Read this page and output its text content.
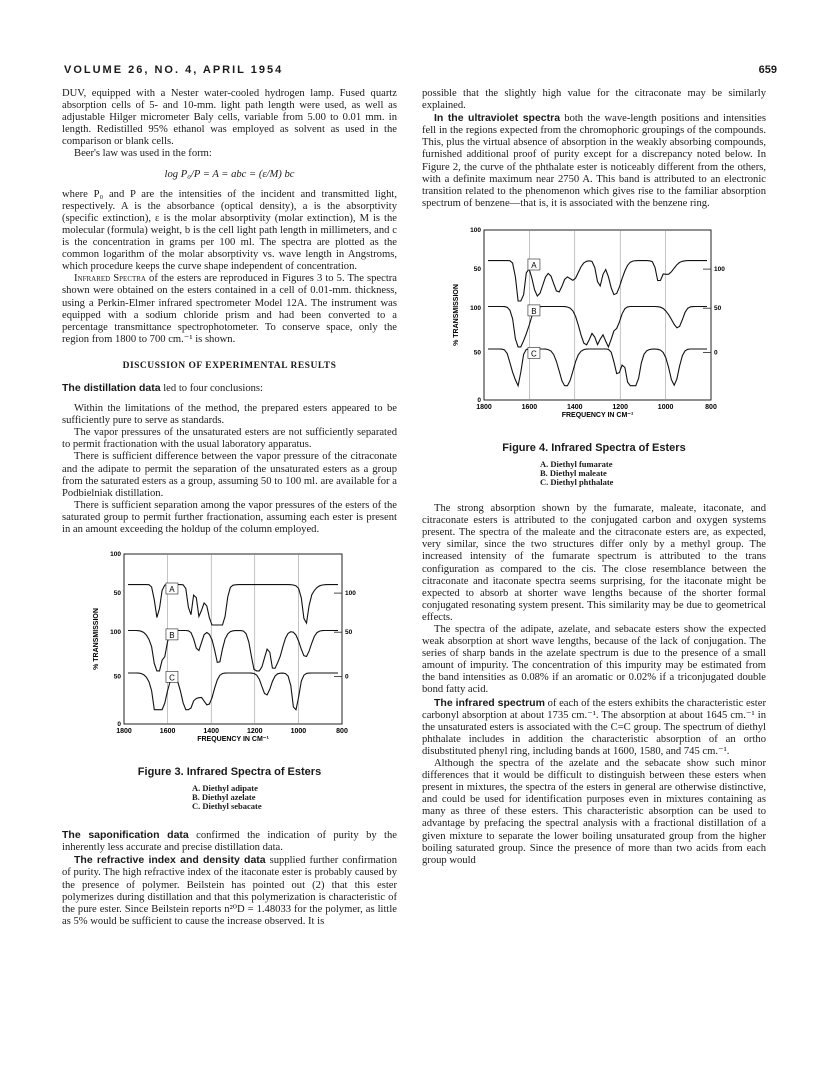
VOLUME 26, NO. 4, APRIL 1954	659

DUV, equipped with a Nester water-cooled hydrogen lamp. Fused quartz absorption cells of 5- and 10-mm. light path length were used, as well as adjustable Hilger micrometer Baly cells, variable from 5.00 to 0.01 mm. in length. Redistilled 95% ethanol was employed as solvent as used in the comparison or blank cells.

Beer's law was used in the form:

log P₀/P = A = abc = (ε/M) bc

where P₀ and P are the intensities of the incident and transmitted light, respectively. A is the absorbance (optical density), a is the absorptivity (specific extinction), ε is the molar absorptivity (molar extinction), M is the molecular (formula) weight, b is the cell light path length in millimeters, and c is the concentration in grams per 100 ml. The spectra are plotted as the common logarithm of the molar absorptivity vs. wave length in Angstroms, which procedure keeps the curve shape independent of concentration.

Infrared Spectra of the esters are reproduced in Figures 3 to 5. The spectra shown were obtained on the esters contained in a cell of 0.01-mm. thickness, using a Perkin-Elmer infrared spectrometer Model 12A. The instrument was equipped with a sodium chloride prism and had been converted to a percentage transmittance spectrophotometer. To conserve space, only the region from 1800 to 700 cm.⁻¹ is shown.

DISCUSSION OF EXPERIMENTAL RESULTS

The distillation data led to four conclusions:

Within the limitations of the method, the prepared esters appeared to be sufficiently pure to serve as standards.

The vapor pressures of the unsaturated esters are not sufficiently separated to permit fractionation with the usual laboratory apparatus.

There is sufficient difference between the vapor pressure of the citraconate and the adipate to permit the separation of the unsaturated esters as a group from the saturated esters as a group, assuming 50 to 100 ml. are available for a Podbielniak distillation.

There is sufficient separation among the vapor pressures of the esters of the saturated group to permit further fractionation, assuming each ester is present in an amount exceeding the holdup of the column employed.

1800	1600	1400	1200	1000	800
FREQUENCY IN CM⁻¹
% TRANSMISSION
100
50
100
50
0
100
50
0
A
B
C
Figure 3. Infrared Spectra of Esters
A. Diethyl adipate
B. Diethyl azelate
C. Diethyl sebacate

The saponification data confirmed the indication of purity by the inherently less accurate and precise distillation data.

The refractive index and density data supplied further confirmation of purity. The high refractive index of the itaconate ester is probably caused by the presence of polymer. Beilstein has pointed out (2) that this ester polymerizes during distillation and that this polymerization is characteristic of the pure ester. Since Beilstein reports n²⁰D = 1.48033 for the polymer, as little as 5% would be sufficient to cause the increase observed. It is

possible that the slightly high value for the citraconate may be similarly explained.

In the ultraviolet spectra both the wave-length positions and intensities fell in the regions expected from the chromophoric groupings of the compounds. This, plus the virtual absence of absorption in the weakly absorbing compounds, furnished additional proof of purity except for a discrepancy noted below. In Figure 2, the curve of the phthalate ester is noticeably different from the others, with a definite maximum near 2750 A. This band is attributed to an electronic transition related to the phenomenon which gives rise to the familiar absorption spectrum of benzene—that is, it is associated with the benzene ring.

1800	1600	1400	1200	1000	800
FREQUENCY IN CM⁻¹
% TRANSMISSION
100
50
100
50
0
100
50
0
A
B
C
Figure 4. Infrared Spectra of Esters
A. Diethyl fumarate
B. Diethyl maleate
C. Diethyl phthalate

The strong absorption shown by the fumarate, maleate, itaconate, and citraconate esters is attributed to the conjugated carbon and oxygen systems present. The spectra of the maleate and the citraconate esters are, as expected, very similar, since the two structures differ only by a methyl group. The increased intensity of the fumarate spectrum is attributed to the trans configuration as compared to the cis. The close resemblance between the citraconate and itaconate spectra seems surprising, for the itaconate might be expected to absorb at shorter wave lengths because of the shorter formal conjugated resonating system present. This similarity may be due to geometrical effects.

The spectra of the adipate, azelate, and sebacate esters show the expected weak absorption at short wave lengths, because of the lack of conjugation. The series of sharp bands in the azelate spectrum is due to the presence of a small amount of impurity. The concentration of this impurity may be estimated from the band intensities as 0.08% if an aromatic or 0.02% if a triconjugated double bond fatty acid.

The infrared spectrum of each of the esters exhibits the characteristic ester carbonyl absorption at about 1735 cm.⁻¹. The absorption at about 1645 cm.⁻¹ in the unsaturated esters is associated with the C=C group. The spectrum of diethyl phthalate includes in addition the characteristic absorption of an ortho disubstituted phenyl ring, including bands at 1600, 1580, and 745 cm.⁻¹.

Although the spectra of the azelate and the sebacate show such minor differences that it would be difficult to distinguish between these esters when present in mixtures, the spectra of the esters in general are otherwise distinctive, and could be used for identification purposes even in mixtures containing as many as three of these esters. This characteristic absorption can be used to advantage by prefacing the spectral analysis with a fractional distillation of a given mixture to separate the lower boiling unsaturated group from the higher boiling saturated group. Since the presence of more than two acids from each group would
